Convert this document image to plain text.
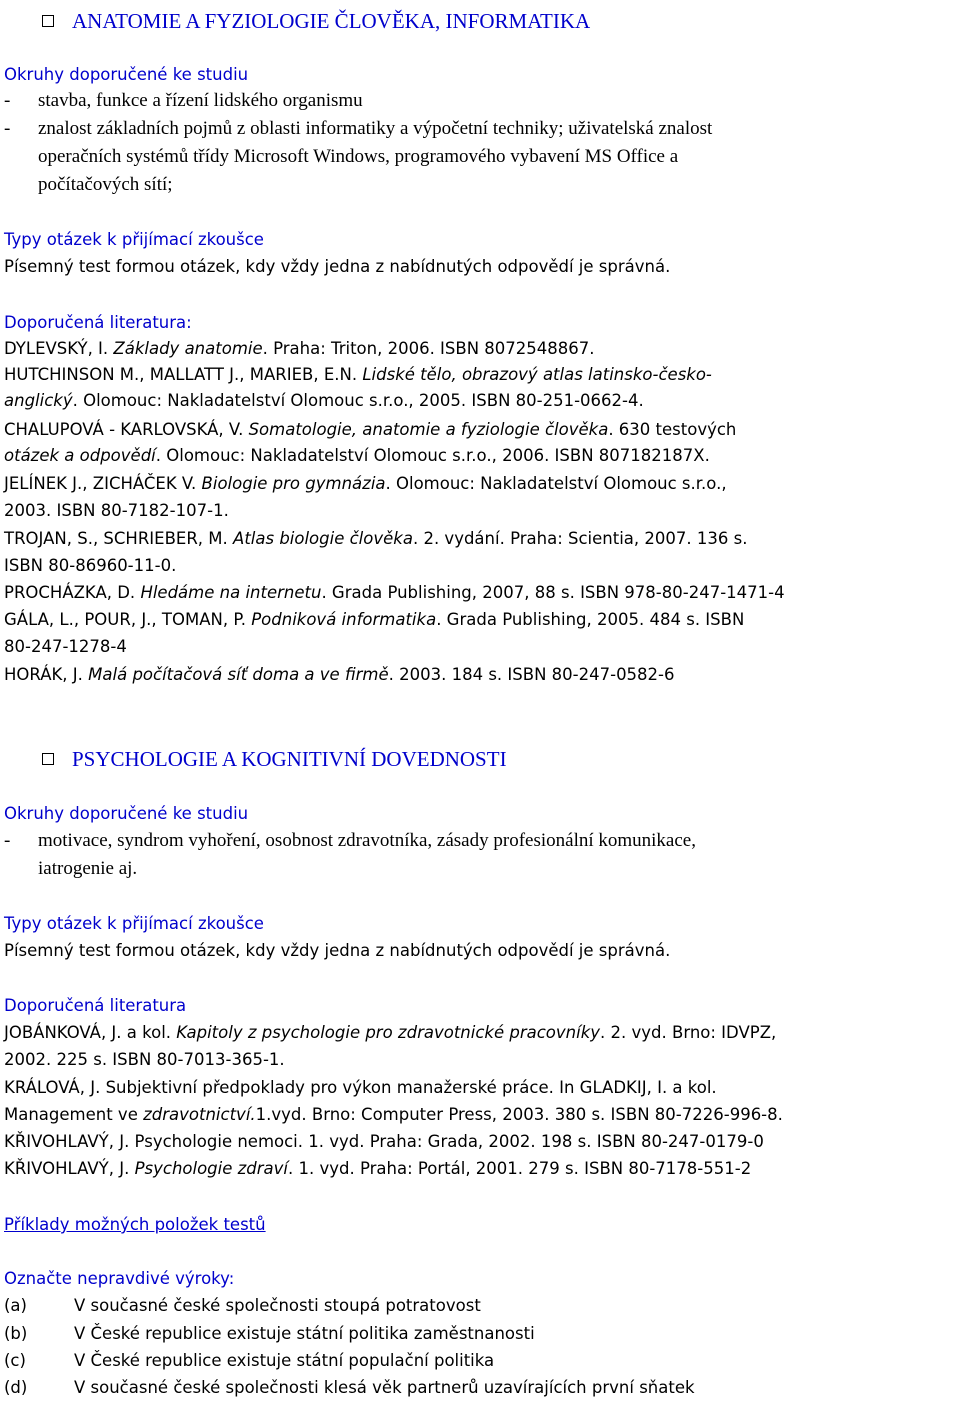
ANATOMIE A FYZIOLOGIE ČLOVĚKA, INFORMATIKA
Okruhy doporučené ke studiu
- stavba, funkce a řízení lidského organismu
- znalost základních pojmů z oblasti informatiky a výpočetní techniky; uživatelská znalost
operačních systémů třídy Microsoft Windows, programového vybavení MS Office a
počítačových sítí;
Typy otázek k přijímací zkoušce
Písemný test formou otázek, kdy vždy jedna z nabídnutých odpovědí je správná.
Doporučená literatura:
DYLEVSKÝ, I. Základy anatomie. Praha: Triton, 2006. ISBN 8072548867.
HUTCHINSON M., MALLATT J., MARIEB, E.N. Lidské tělo, obrazový atlas latinsko-česko-
anglický. Olomouc: Nakladatelství Olomouc s.r.o., 2005. ISBN 80-251-0662-4.
CHALUPOVÁ - KARLOVSKÁ, V. Somatologie, anatomie a fyziologie člověka. 630 testových
otázek a odpovědí. Olomouc: Nakladatelství Olomouc s.r.o., 2006. ISBN 807182187X.
JELÍNEK J., ZICHÁČEK V. Biologie pro gymnázia. Olomouc: Nakladatelství Olomouc s.r.o.,
2003. ISBN 80-7182-107-1.
TROJAN, S., SCHRIEBER, M. Atlas biologie člověka. 2. vydání. Praha: Scientia, 2007. 136 s.
ISBN 80-86960-11-0.
PROCHÁZKA, D. Hledáme na internetu. Grada Publishing, 2007, 88 s. ISBN 978-80-247-1471-4
GÁLA, L., POUR, J., TOMAN, P. Podniková informatika. Grada Publishing, 2005. 484 s. ISBN
80-247-1278-4
HORÁK, J. Malá počítačová síť doma a ve firmě. 2003. 184 s. ISBN 80-247-0582-6
PSYCHOLOGIE A KOGNITIVNÍ DOVEDNOSTI
Okruhy doporučené ke studiu
- motivace, syndrom vyhoření, osobnost zdravotníka, zásady profesionální komunikace,
iatrogenie aj.
Typy otázek k přijímací zkoušce
Písemný test formou otázek, kdy vždy jedna z nabídnutých odpovědí je správná.
Doporučená literatura
JOBÁNKOVÁ, J. a kol. Kapitoly z psychologie pro zdravotnické pracovníky. 2. vyd. Brno: IDVPZ,
2002. 225 s. ISBN 80-7013-365-1.
KRÁLOVÁ, J. Subjektivní předpoklady pro výkon manažerské práce. In GLADKIJ, I. a kol.
Management ve zdravotnictví.1.vyd. Brno: Computer Press, 2003. 380 s. ISBN 80-7226-996-8.
KŘIVOHLAVÝ, J. Psychologie nemoci. 1. vyd. Praha: Grada, 2002. 198 s. ISBN 80-247-0179-0
KŘIVOHLAVÝ, J. Psychologie zdraví. 1. vyd. Praha: Portál, 2001. 279 s. ISBN 80-7178-551-2
Příklady možných položek testů
Označte nepravdivé výroky:
(a)	V současné české společnosti stoupá potratovost
(b)	V České republice existuje státní politika zaměstnanosti
(c)	V České republice existuje státní populační politika
(d)	V současné české společnosti klesá věk partnerů uzavírajících první sňatek
